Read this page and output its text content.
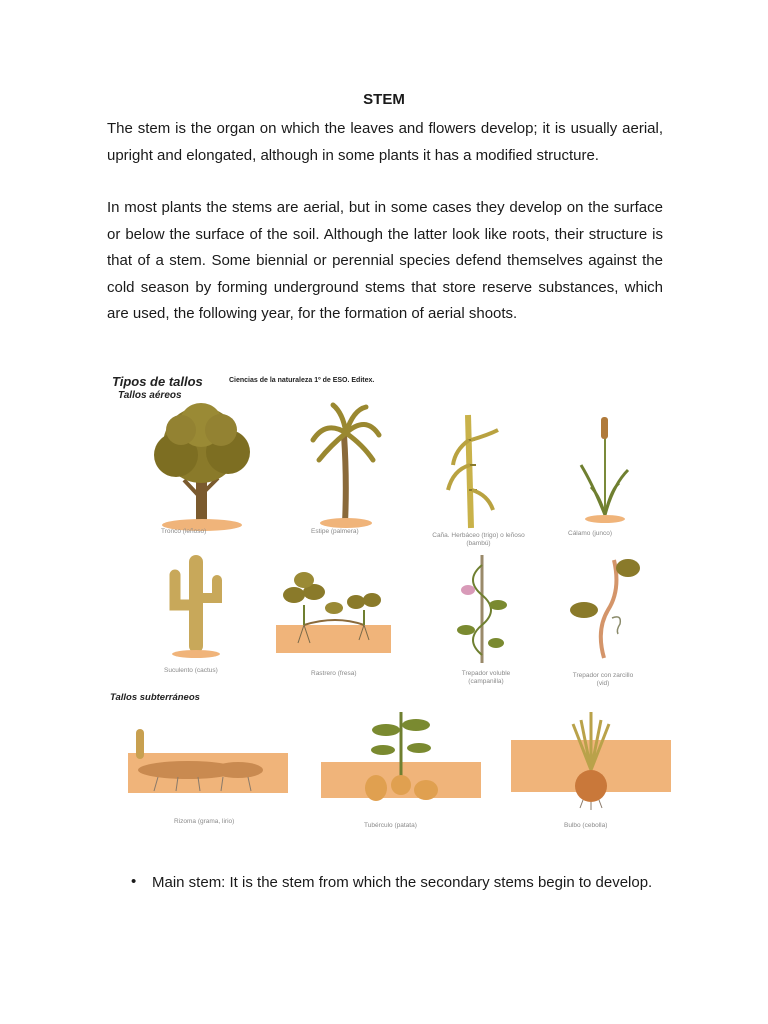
STEM

The stem is the organ on which the leaves and flowers develop; it is usually aerial, upright and elongated, although in some plants it has a modified structure.

In most plants the stems are aerial, but in some cases they develop on the surface or below the surface of the soil. Although the latter look like roots, their structure is that of a stem. Some biennial or perennial species defend themselves against the cold season by forming underground stems that store reserve substances, which are used, the following year, for the formation of aerial shoots.

Tipos de tallos	Ciencias de la naturaleza 1º de ESO. Editex.
Tallos aéreos
Tronco (leñoso)	Estipe (palmera)
Caña. Herbáceo (trigo) o leñoso (bambú)
Cálamo (junco)
Suculento (cactus)	Rastrero (fresa)	Trepador voluble (campanilla)
Trepador con zarcillo (vid)
Tallos subterráneos
Rizoma (grama, lirio)
Tubérculo (patata)	Bulbo (cebolla)
• Main stem: It is the stem from which the secondary stems begin to develop.
